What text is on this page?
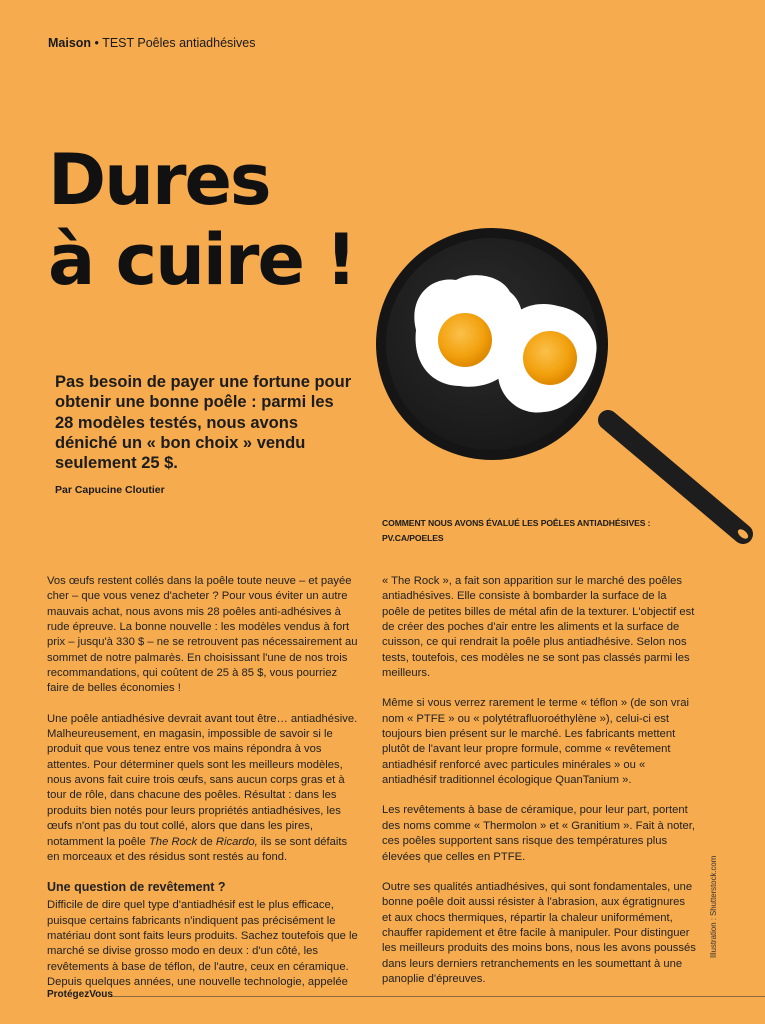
Maison • TEST Poêles antiadhésives
Dures
à cuire !

Pas besoin de payer une fortune pour obtenir une bonne poêle : parmi les 28 modèles testés, nous avons déniché un « bon choix » vendu seulement 25 $.

Par Capucine Cloutier
COMMENT NOUS AVONS ÉVALUÉ LES POÊLES ANTIADHÉSIVES :
PV.CA/POELES

Vos œufs restent collés dans la poêle toute neuve – et payée cher – que vous venez d'acheter ? Pour vous éviter un autre mauvais achat, nous avons mis 28 poêles anti-adhésives à rude épreuve. La bonne nouvelle : les modèles vendus à fort prix – jusqu'à 330 $ – ne se retrouvent pas nécessairement au sommet de notre palmarès. En choisissant l'une de nos trois recommandations, qui coûtent de 25 à 85 $, vous pourriez faire de belles économies !

Une poêle antiadhésive devrait avant tout être… antiadhésive. Malheureusement, en magasin, impossible de savoir si le produit que vous tenez entre vos mains répondra à vos attentes. Pour déterminer quels sont les meilleurs modèles, nous avons fait cuire trois œufs, sans aucun corps gras et à tour de rôle, dans chacune des poêles. Résultat : dans les produits bien notés pour leurs propriétés antiadhésives, les œufs n'ont pas du tout collé, alors que dans les pires, notamment la poêle The Rock de Ricardo, ils se sont défaits en morceaux et des résidus sont restés au fond.

Une question de revêtement ?

Difficile de dire quel type d'antiadhésif est le plus efficace, puisque certains fabricants n'indiquent pas précisément le matériau dont sont faits leurs produits. Sachez toutefois que le marché se divise grosso modo en deux : d'un côté, les revêtements à base de téflon, de l'autre, ceux en céramique. Depuis quelques années, une nouvelle technologie, appelée

« The Rock », a fait son apparition sur le marché des poêles antiadhésives. Elle consiste à bombarder la surface de la poêle de petites billes de métal afin de la texturer. L'objectif est de créer des poches d'air entre les aliments et la surface de cuisson, ce qui rendrait la poêle plus antiadhésive. Selon nos tests, toutefois, ces modèles ne se sont pas classés parmi les meilleurs.

Même si vous verrez rarement le terme « téflon » (de son vrai nom « PTFE » ou « polytétrafluoroéthylène »), celui-ci est toujours bien présent sur le marché. Les fabricants mettent plutôt de l'avant leur propre formule, comme « revêtement antiadhésif renforcé avec particules minérales » ou « antiadhésif traditionnel écologique QuanTanium ».

Les revêtements à base de céramique, pour leur part, portent des noms comme « Thermolon » et « Granitium ». Fait à noter, ces poêles supportent sans risque des températures plus élevées que celles en PTFE.

Outre ses qualités antiadhésives, qui sont fondamentales, une bonne poêle doit aussi résister à l'abrasion, aux égratignures et aux chocs thermiques, répartir la chaleur uniformément, chauffer rapidement et être facile à manipuler. Pour distinguer les meilleurs produits des moins bons, nous les avons poussés dans leurs derniers retranchements en les soumettant à une panoplie d'épreuves.

Illustration : Shutterstock.com
ProtégezVous
